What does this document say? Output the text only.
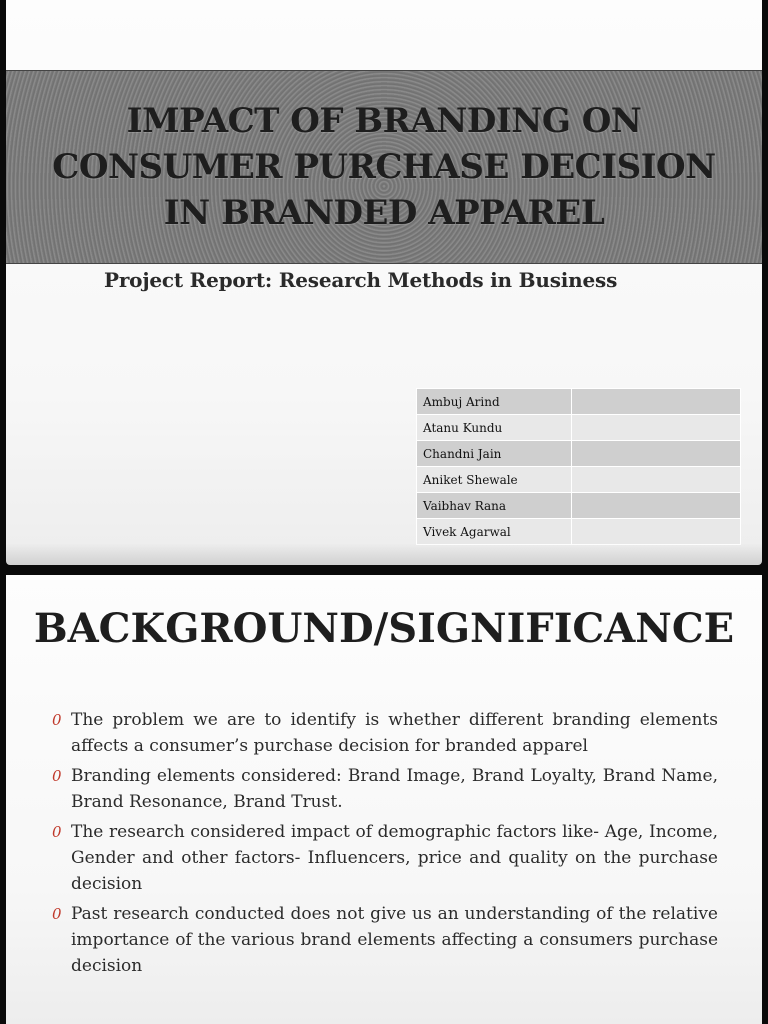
IMPACT OF BRANDING ON CONSUMER PURCHASE DECISION IN BRANDED APPAREL
Project Report: Research Methods in Business
Ambuj Arind	
Atanu Kundu	
Chandni Jain	
Aniket Shewale	
Vaibhav Rana	
Vivek Agarwal	
BACKGROUND/SIGNIFICANCE
0 The problem we are to identify is whether different branding elements affects a consumer’s purchase decision for branded apparel
0 Branding elements considered: Brand Image, Brand Loyalty, Brand Name, Brand Resonance, Brand Trust.
0 The research considered impact of demographic factors like- Age, Income, Gender and other factors- Influencers, price and quality on the purchase decision
0 Past research conducted does not give us an understanding of the relative importance of the various brand elements affecting a consumers purchase decision
